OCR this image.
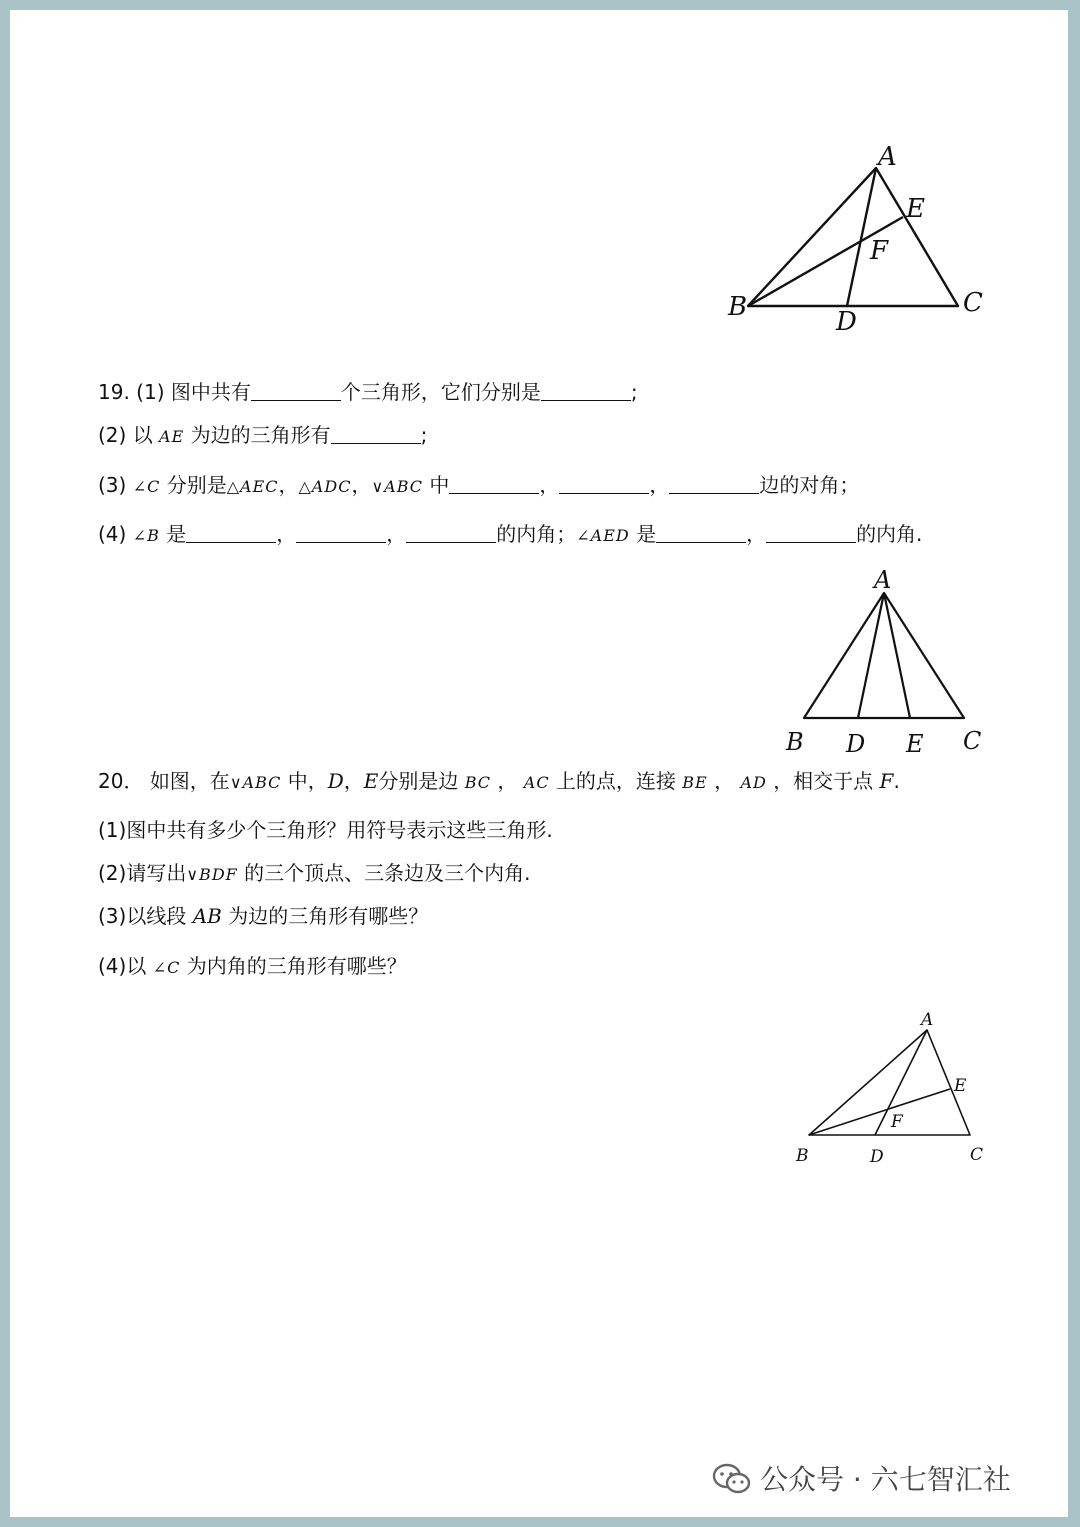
A
E
F
B	C
D
19. (1) 图中共有	个三角形，它们分别是	;
(2) 以 AE 为边的三角形有	;
(3) ∠C 分别是△AEC，△ADC，∨ABC 中	，	，	边的对角；
(4) ∠B 是	，	，	的内角；∠AED 是	，	的内角.
A
B D E C
20． 如图，在∨ABC 中，D，E分别是边 BC ， AC 上的点，连接 BE ， AD ，相交于点 F.
(1)图中共有多少个三角形？用符号表示这些三角形.
(2)请写出∨BDF 的三个顶点、三条边及三个内角.
(3)以线段 AB 为边的三角形有哪些？
(4)以 ∠C 为内角的三角形有哪些？
A
E
F
B	D	C
公众号 · 六七智汇社
